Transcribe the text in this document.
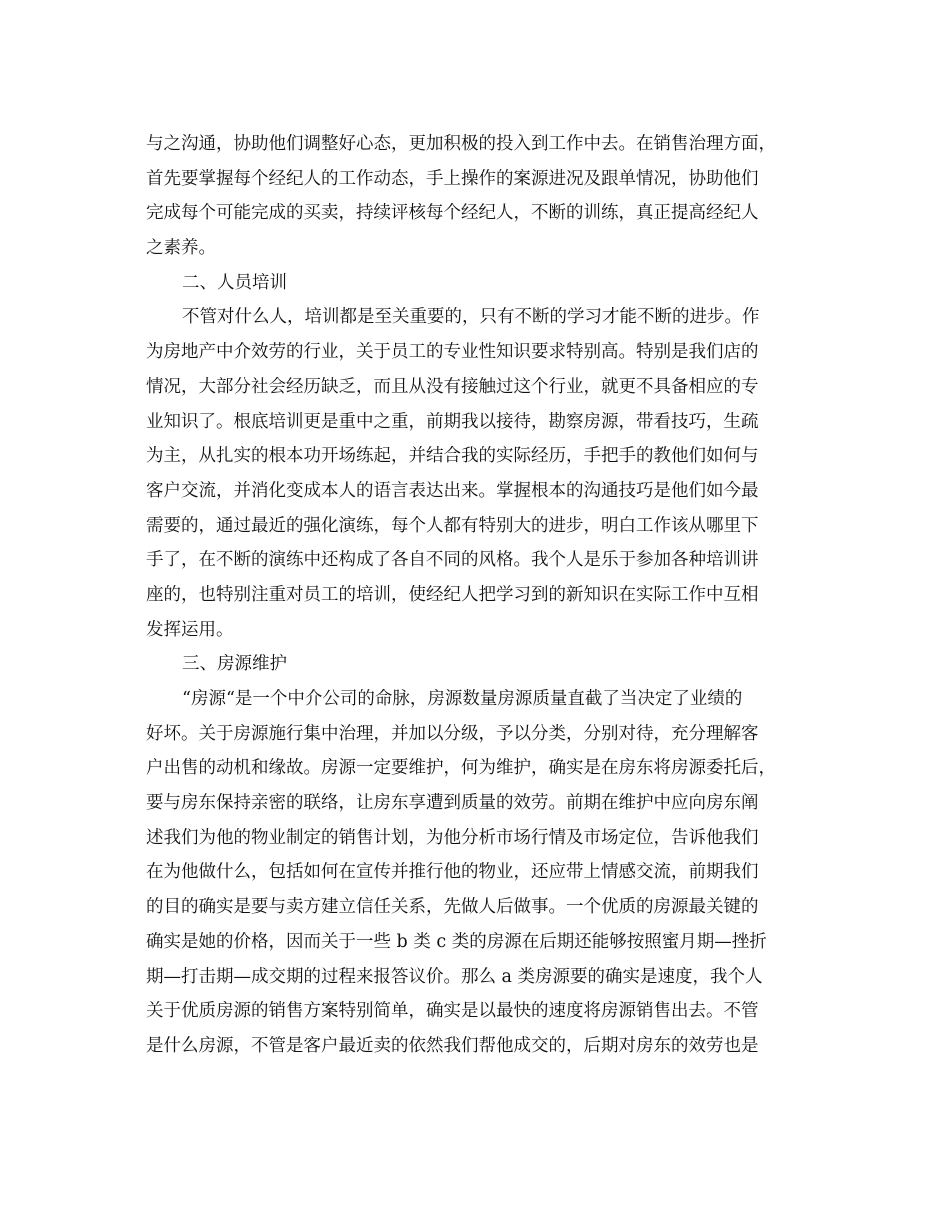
与之沟通，协助他们调整好心态，更加积极的投入到工作中去。在销售治理方面，
首先要掌握每个经纪人的工作动态，手上操作的案源进况及跟单情况，协助他们
完成每个可能完成的买卖，持续评核每个经纪人，不断的训练，真正提高经纪人
之素养。
二、人员培训
不管对什么人，培训都是至关重要的，只有不断的学习才能不断的进步。作
为房地产中介效劳的行业，关于员工的专业性知识要求特别高。特别是我们店的
情况，大部分社会经历缺乏，而且从没有接触过这个行业，就更不具备相应的专
业知识了。根底培训更是重中之重，前期我以接待，勘察房源，带看技巧，生疏
为主，从扎实的根本功开场练起，并结合我的实际经历，手把手的教他们如何与
客户交流，并消化变成本人的语言表达出来。掌握根本的沟通技巧是他们如今最
需要的，通过最近的强化演练，每个人都有特别大的进步，明白工作该从哪里下
手了，在不断的演练中还构成了各自不同的风格。我个人是乐于参加各种培训讲
座的，也特别注重对员工的培训，使经纪人把学习到的新知识在实际工作中互相
发挥运用。
三、房源维护
“房源“是一个中介公司的命脉，房源数量房源质量直截了当决定了业绩的
好坏。关于房源施行集中治理，并加以分级，予以分类，分别对待，充分理解客
户出售的动机和缘故。房源一定要维护，何为维护，确实是在房东将房源委托后，
要与房东保持亲密的联络，让房东享遭到质量的效劳。前期在维护中应向房东阐
述我们为他的物业制定的销售计划，为他分析市场行情及市场定位，告诉他我们
在为他做什么，包括如何在宣传并推行他的物业，还应带上情感交流，前期我们
的目的确实是要与卖方建立信任关系，先做人后做事。一个优质的房源最关键的
确实是她的价格，因而关于一些 b 类 c 类的房源在后期还能够按照蜜月期—挫折
期—打击期—成交期的过程来报答议价。那么 a 类房源要的确实是速度，我个人
关于优质房源的销售方案特别简单，确实是以最快的速度将房源销售出去。不管
是什么房源，不管是客户最近卖的依然我们帮他成交的，后期对房东的效劳也是
